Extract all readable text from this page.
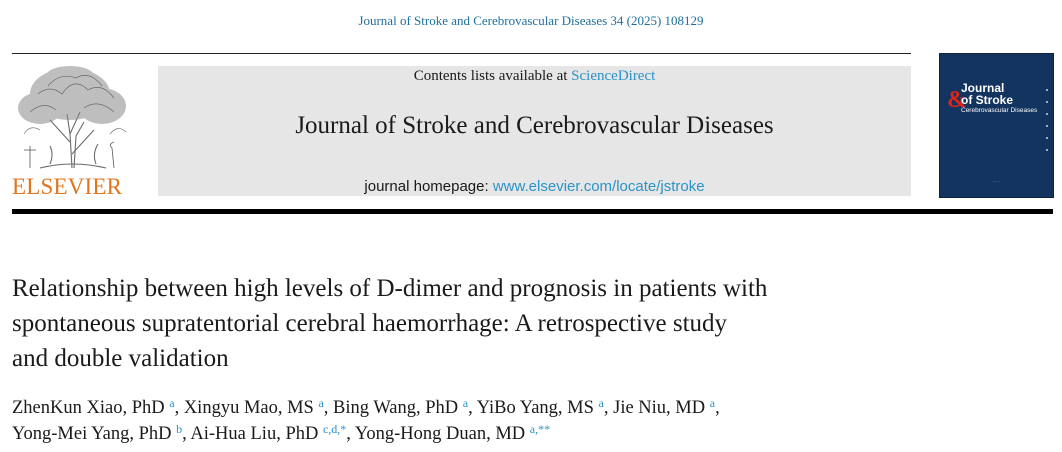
Journal of Stroke and Cerebrovascular Diseases 34 (2025) 108129
ELSEVIER
Contents lists available at ScienceDirect
Journal of Stroke and Cerebrovascular Diseases
journal homepage: www.elsevier.com/locate/jstroke
Journal
&
of Stroke
Cerebrovascular Diseases
······
Relationship between high levels of D-dimer and prognosis in patients with
spontaneous supratentorial cerebral haemorrhage: A retrospective study
and double validation
ZhenKun Xiao, PhD $^a$, Xingyu Mao, MS $^a$, Bing Wang, PhD $^a$, YiBo Yang, MS $^a$, Jie Niu, MD $^a$,
Yong-Mei Yang, PhD $^b$, Ai-Hua Liu, PhD $^{c,d,*}$, Yong-Hong Duan, MD $^{a,**}$
